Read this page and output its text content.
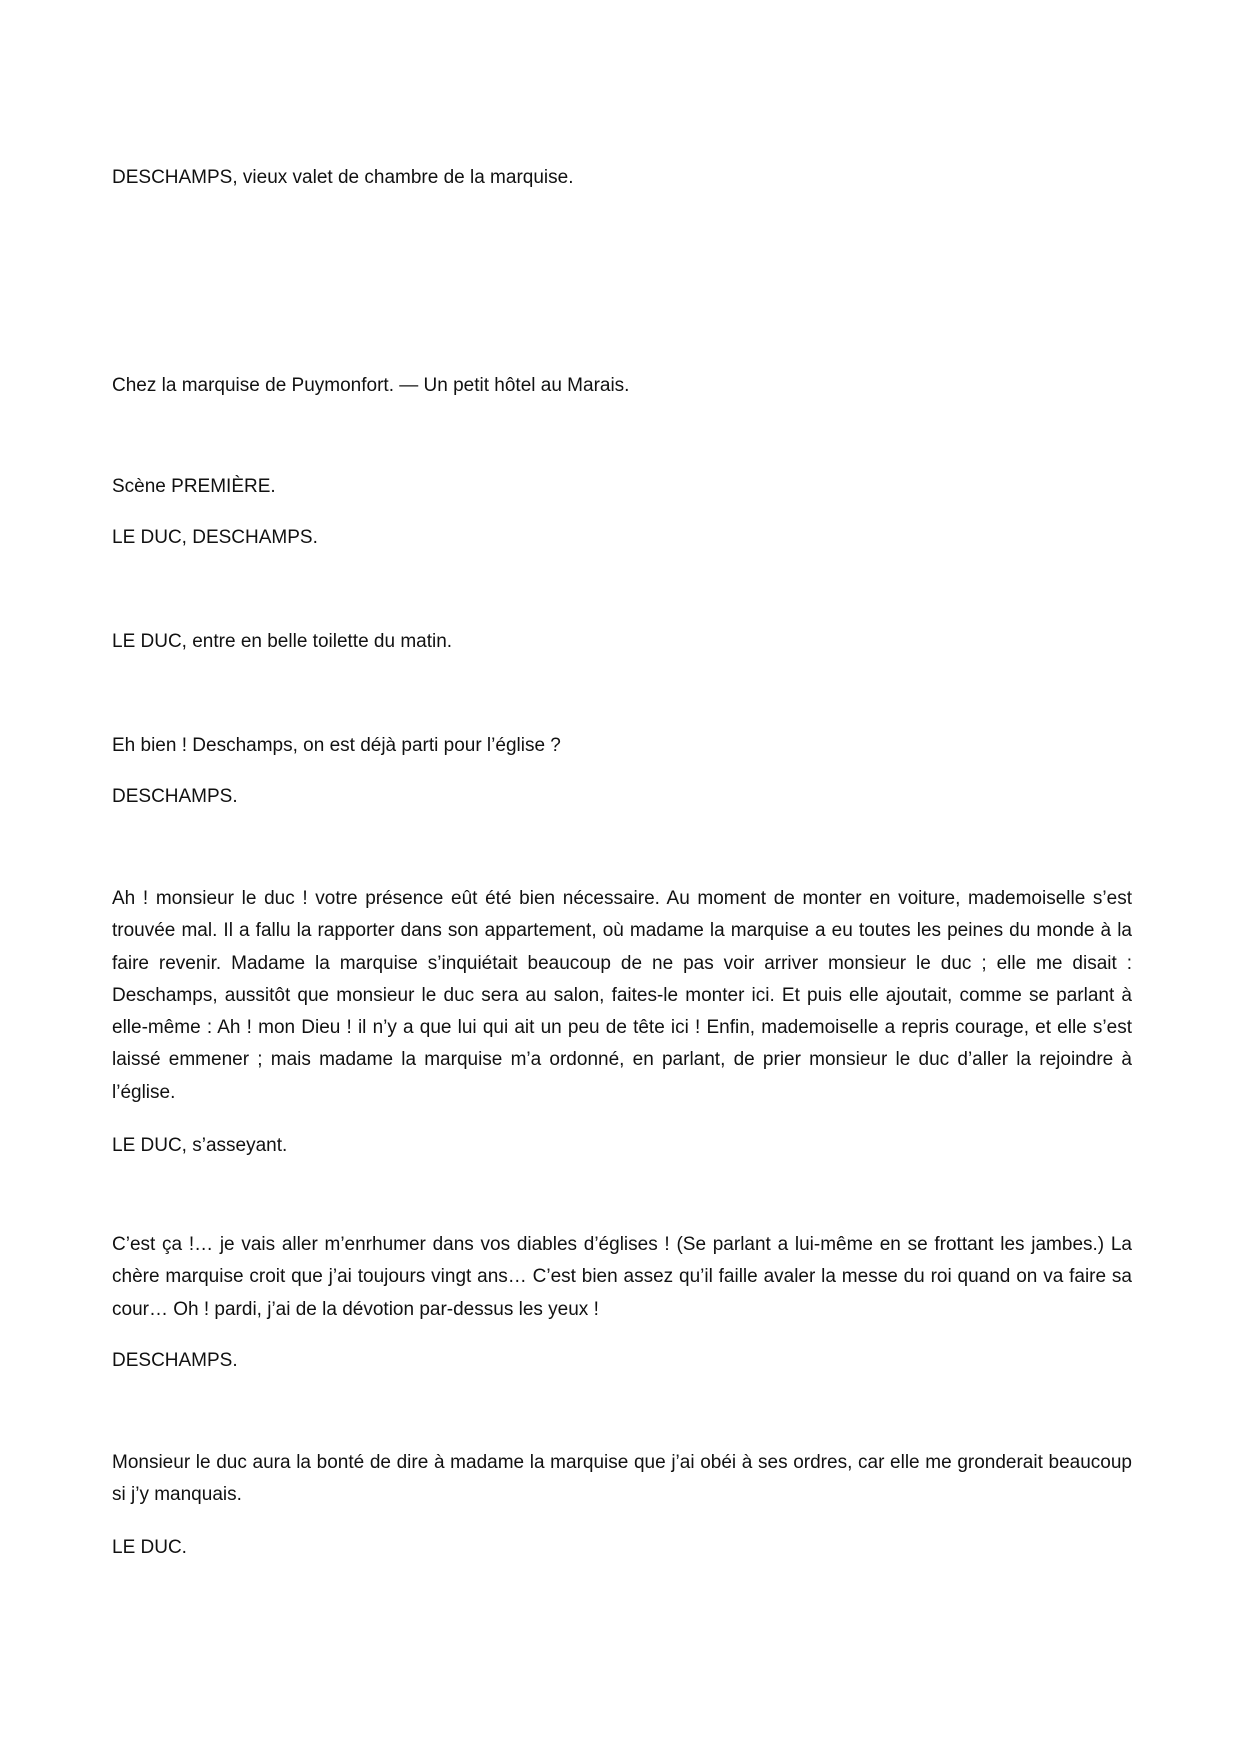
DESCHAMPS, vieux valet de chambre de la marquise.

Chez la marquise de Puymonfort. — Un petit hôtel au Marais.

Scène PREMIÈRE.

LE DUC, DESCHAMPS.

LE DUC, entre en belle toilette du matin.

Eh bien ! Deschamps, on est déjà parti pour l’église ?

DESCHAMPS.

Ah ! monsieur le duc ! votre présence eût été bien nécessaire. Au moment de monter en voiture, mademoiselle s’est trouvée mal. Il a fallu la rapporter dans son appartement, où madame la marquise a eu toutes les peines du monde à la faire revenir. Madame la marquise s’inquiétait beaucoup de ne pas voir arriver monsieur le duc ; elle me disait : Deschamps, aussitôt que monsieur le duc sera au salon, faites-le monter ici. Et puis elle ajoutait, comme se parlant à elle-même : Ah ! mon Dieu ! il n’y a que lui qui ait un peu de tête ici ! Enfin, mademoiselle a repris courage, et elle s’est laissé emmener ; mais madame la marquise m’a ordonné, en parlant, de prier monsieur le duc d’aller la rejoindre à l’église.

LE DUC, s’asseyant.

C’est ça !… je vais aller m’enrhumer dans vos diables d’églises ! (Se parlant a lui-même en se frottant les jambes.) La chère marquise croit que j’ai toujours vingt ans… C’est bien assez qu’il faille avaler la messe du roi quand on va faire sa cour… Oh ! pardi, j’ai de la dévotion par-dessus les yeux !

DESCHAMPS.

Monsieur le duc aura la bonté de dire à madame la marquise que j’ai obéi à ses ordres, car elle me gronderait beaucoup si j’y manquais.

LE DUC.
